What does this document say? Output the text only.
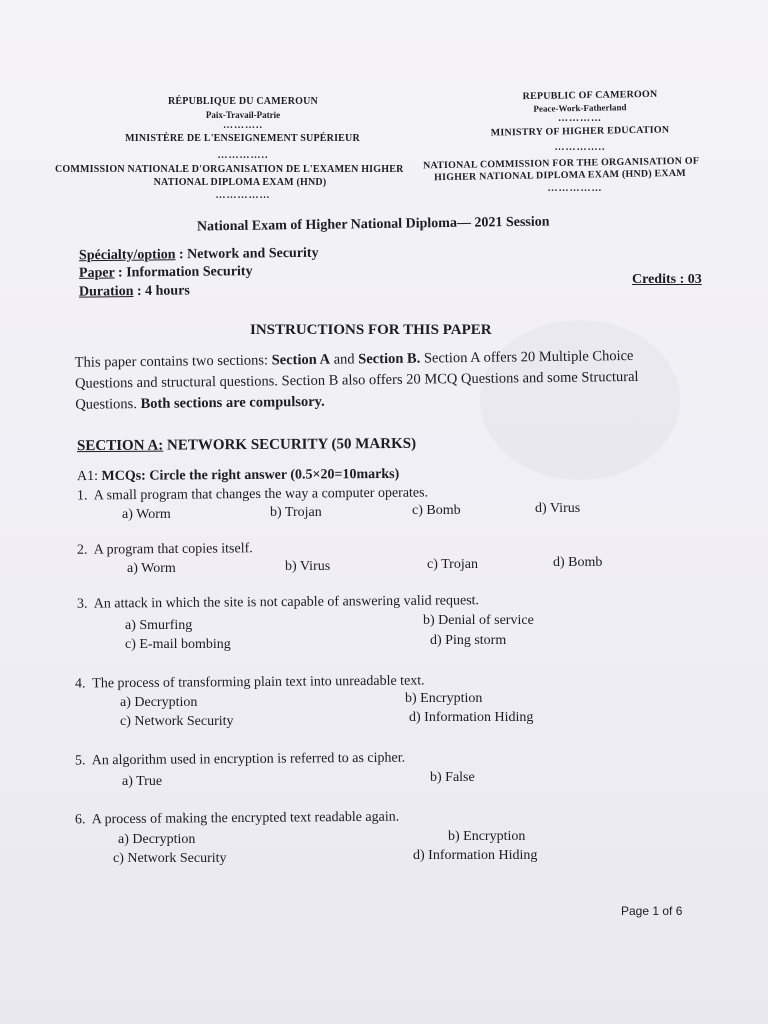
RÉPUBLIQUE DU CAMEROUN
Paix-Travail-Patrie
………..
MINISTÈRE DE L'ENSEIGNEMENT SUPÉRIEUR
…………..
COMMISSION NATIONALE D'ORGANISATION DE L'EXAMEN HIGHER
NATIONAL DIPLOMA EXAM (HND)
……………
REPUBLIC OF CAMEROON
Peace-Work-Fatherland
…………
MINISTRY OF HIGHER EDUCATION
…………..
NATIONAL COMMISSION FOR THE ORGANISATION OF
HIGHER NATIONAL DIPLOMA EXAM (HND) EXAM
……………
National Exam of Higher National Diploma— 2021 Session
Spécialty/option : Network and Security
Paper : Information Security
Duration : 4 hours
Credits : 03
INSTRUCTIONS FOR THIS PAPER
This paper contains two sections: Section A and Section B. Section A offers 20 Multiple Choice Questions and structural questions. Section B also offers 20 MCQ Questions and some Structural Questions. Both sections are compulsory.
SECTION A: NETWORK SECURITY (50 MARKS)
A1: MCQs: Circle the right answer (0.5×20=10marks)
1. A small program that changes the way a computer operates.
a) Worm	b) Trojan	c) Bomb	d) Virus
2. A program that copies itself.
a) Worm	b) Virus	c) Trojan	d) Bomb
3. An attack in which the site is not capable of answering valid request.
a) Smurfing	b) Denial of service
c) E-mail bombing	d) Ping storm
4. The process of transforming plain text into unreadable text.
a) Decryption	b) Encryption
c) Network Security	d) Information Hiding
5. An algorithm used in encryption is referred to as cipher.
a) True	b) False
6. A process of making the encrypted text readable again.
a) Decryption	b) Encryption
c) Network Security	d) Information Hiding
Page 1 of 6
